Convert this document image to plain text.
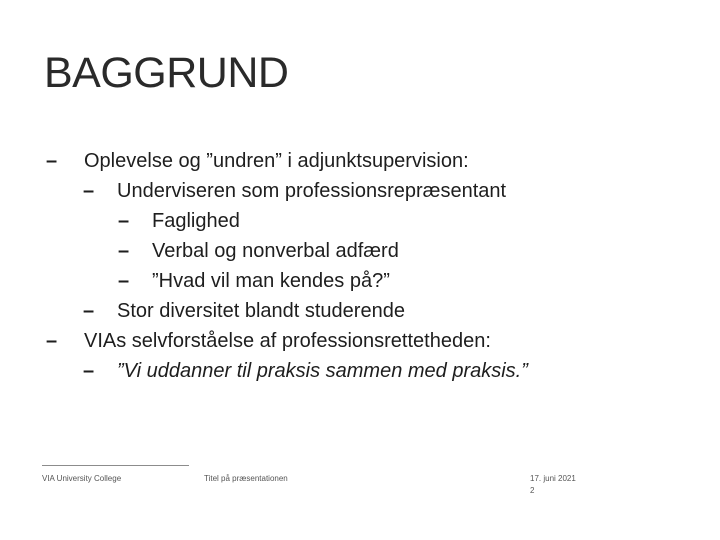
BAGGRUND
–	Oplevelse og ”undren” i adjunktsupervision:
–	Underviseren som professionsrepræsentant
–	Faglighed
–	Verbal og nonverbal adfærd
–	”Hvad vil man kendes på?”
–	Stor diversitet blandt studerende
–	VIAs selvforståelse af professionsrettetheden:
–	”Vi uddanner til praksis sammen med praksis.”
VIA University College	Titel på præsentationen	17. juni 2021
2
